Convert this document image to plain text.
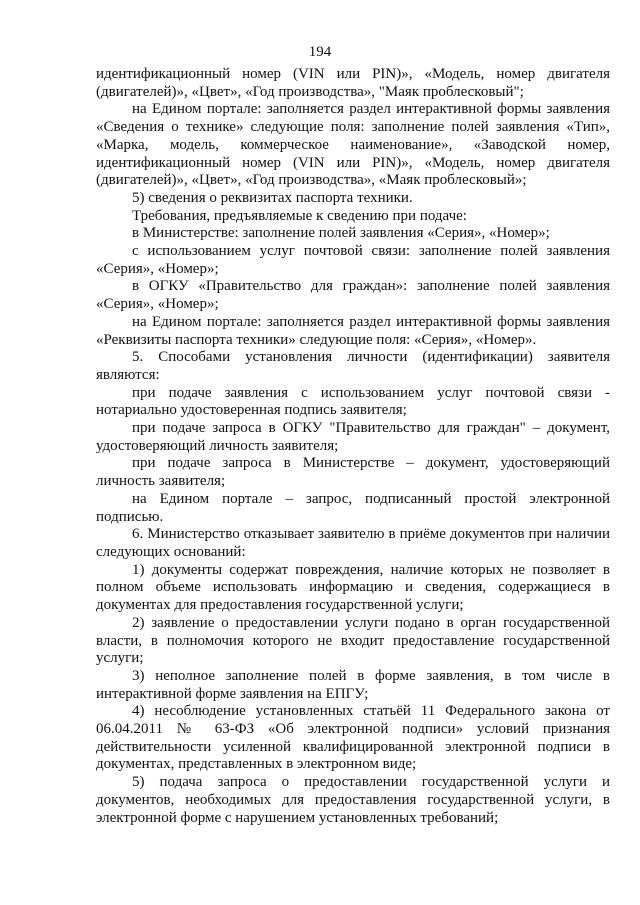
194

идентификационный номер (VIN или PIN)», «Модель, номер двигателя (двигателей)», «Цвет», «Год производства», "Маяк проблесковый";

на Едином портале: заполняется раздел интерактивной формы заявления «Сведения о технике» следующие поля: заполнение полей заявления «Тип», «Марка, модель, коммерческое наименование», «Заводской номер, идентификационный номер (VIN или PIN)», «Модель, номер двигателя (двигателей)», «Цвет», «Год производства», «Маяк проблесковый»;

5) сведения о реквизитах паспорта техники.

Требования, предъявляемые к сведению при подаче:

в Министерстве: заполнение полей заявления «Серия», «Номер»;

с использованием услуг почтовой связи: заполнение полей заявления «Серия», «Номер»;

в ОГКУ «Правительство для граждан»: заполнение полей заявления «Серия», «Номер»;

на Едином портале: заполняется раздел интерактивной формы заявления «Реквизиты паспорта техники» следующие поля: «Серия», «Номер».

5. Способами установления личности (идентификации) заявителя являются:

при подаче заявления с использованием услуг почтовой связи - нотариально удостоверенная подпись заявителя;

при подаче запроса в ОГКУ "Правительство для граждан" – документ, удостоверяющий личность заявителя;

при подаче запроса в Министерстве – документ, удостоверяющий личность заявителя;

на Едином портале – запрос, подписанный простой электронной подписью.

6. Министерство отказывает заявителю в приёме документов при наличии следующих оснований:

1) документы содержат повреждения, наличие которых не позволяет в полном объеме использовать информацию и сведения, содержащиеся в документах для предоставления государственной услуги;

2) заявление о предоставлении услуги подано в орган государственной власти, в полномочия которого не входит предоставление государственной услуги;

3) неполное заполнение полей в форме заявления, в том числе в интерактивной форме заявления на ЕПГУ;

4) несоблюдение установленных статьёй 11 Федерального закона от 06.04.2011 № 63-ФЗ «Об электронной подписи» условий признания действительности усиленной квалифицированной электронной подписи в документах, представленных в электронном виде;

5) подача запроса о предоставлении государственной услуги и документов, необходимых для предоставления государственной услуги, в электронной форме с нарушением установленных требований;
